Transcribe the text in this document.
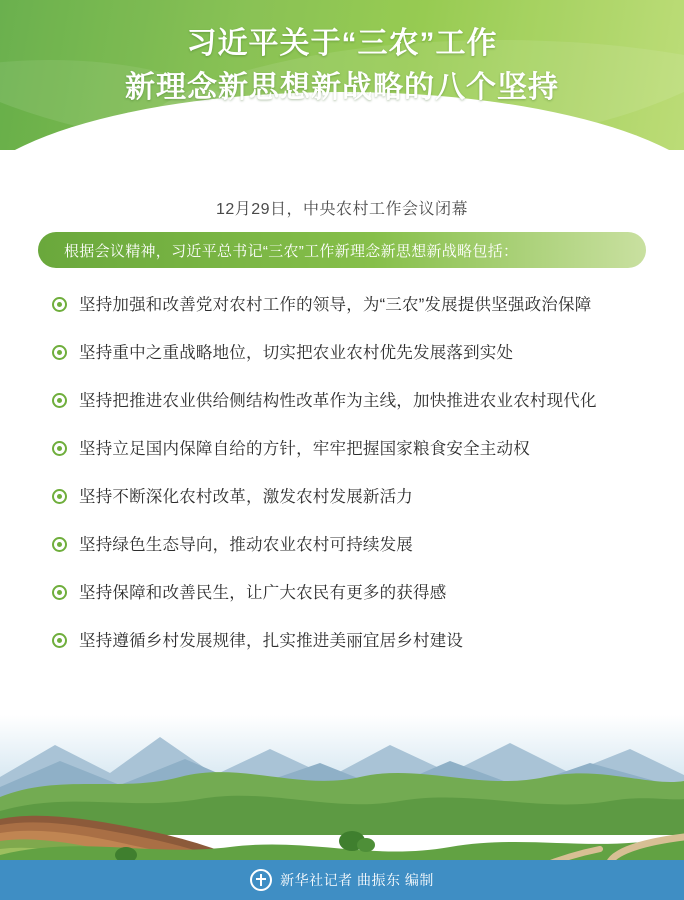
习近平关于“三农”工作
新理念新思想新战略的八个坚持
12月29日，中央农村工作会议闭幕
根据会议精神，习近平总书记“三农”工作新理念新思想新战略包括：
坚持加强和改善党对农村工作的领导，为“三农”发展提供坚强政治保障
坚持重中之重战略地位，切实把农业农村优先发展落到实处
坚持把推进农业供给侧结构性改革作为主线，加快推进农业农村现代化
坚持立足国内保障自给的方针，牢牢把握国家粮食安全主动权
坚持不断深化农村改革，激发农村发展新活力
坚持绿色生态导向，推动农业农村可持续发展
坚持保障和改善民生，让广大农民有更多的获得感
坚持遵循乡村发展规律，扎实推进美丽宜居乡村建设
新华社记者 曲振东 编制
